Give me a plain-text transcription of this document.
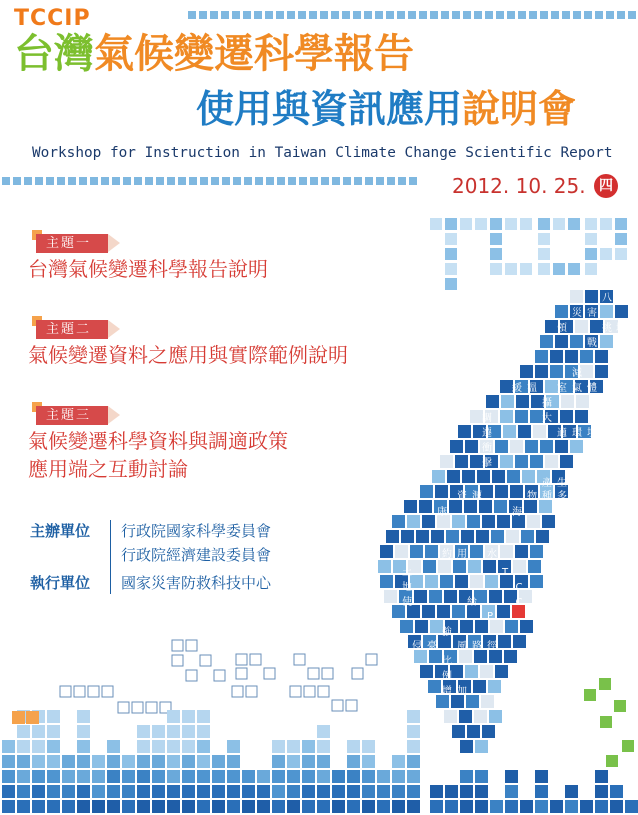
TCCIP
台灣氣候變遷科學報告
使用與資訊應用說明會
Workshop for Instruction in Taiwan Climate Change Scientific Report
2012. 10. 25. 四
主題一
台灣氣候變遷科學報告說明
主題二
氣候變遷資料之應用與實際範例說明
主題三
氣候變遷科學資料與調適政策
應用端之互動討論
主辦單位 行政院國家科學委員會
行政院經濟建設委員會
執行單位 國家災害防救科技中心
八
災 害
領	挑 域
戰 北
減
緩 溫 室 氣 體
攝
影
大
調
適 環 境
變
遷
衝
擊
農 業
生
產
資 源	物 種 多 樣 性 健
康	海
岸
節
約 用 水
土
地
使	給
強
侵 臺 風 路 徑
比
例
增 加
維 生 基 礎
設 施
T
C
C
I
P	A	W N
